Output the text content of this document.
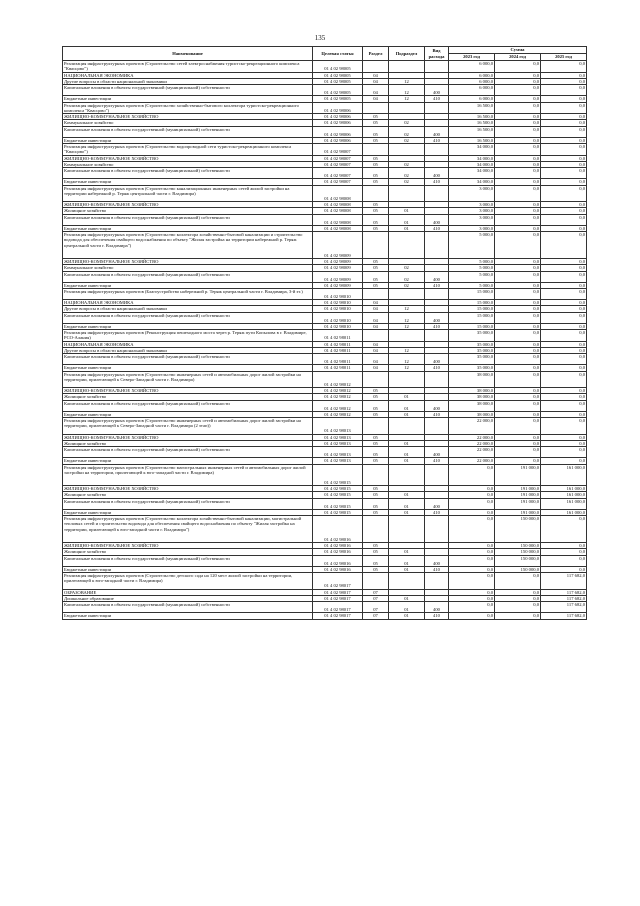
135
Наименование	Целевая статья	Раздел	Подраздел	Вид расхода	Сумма		
					2023 год	2024 год	2025 год
Реализация инфраструктурных проектов (Строительство сетей электроснабжения туристско-рекреационного комплекса "Квасцово")	01 4 02 98005				6 000,0	0,0	0,0
НАЦИОНАЛЬНАЯ ЭКОНОМИКА	01 4 02 98005	04			6 000,0	0,0	0,0
Другие вопросы в области национальной экономики	01 4 02 98005	04	12		6 000,0	0,0	0,0
Капитальные вложения в объекты государственной (муниципальной) собственности	01 4 02 98005	04	12	400	6 000,0	0,0	0,0
Бюджетные инвестиции	01 4 02 98005	04	12	410	6 000,0	0,0	0,0
Реализация инфраструктурных проектов (Строительство хозяйственно-бытового коллектора туристско-рекреационного комплекса "Квасцово")	01 4 02 98006				16 500,0	0,0	0,0
ЖИЛИЩНО-КОММУНАЛЬНОЕ ХОЗЯЙСТВО	01 4 02 98006	05			16 500,0	0,0	0,0
Коммунальное хозяйство	01 4 02 98006	05	02		16 500,0	0,0	0,0
Капитальные вложения в объекты государственной (муниципальной) собственности	01 4 02 98006	05	02	400	16 500,0	0,0	0,0
Бюджетные инвестиции	01 4 02 98006	05	02	410	16 500,0	0,0	0,0
Реализация инфраструктурных проектов (Строительство водопроводной сети туристско-рекреационного комплекса "Квасцово")	01 4 02 98007				34 000,0	0,0	0,0
ЖИЛИЩНО-КОММУНАЛЬНОЕ ХОЗЯЙСТВО	01 4 02 98007	05			34 000,0	0,0	0,0
Коммунальное хозяйство	01 4 02 98007	05	02		34 000,0	0,0	0,0
Капитальные вложения в объекты государственной (муниципальной) собственности	01 4 02 98007	05	02	400	34 000,0	0,0	0,0
Бюджетные инвестиции	01 4 02 98007	05	02	410	34 000,0	0,0	0,0
Реализация инфраструктурных проектов (Строительство канализационных инженерных сетей жилой застройки на территории набережной р. Теряж центральной части г. Владимира)	01 4 02 98008				3 000,0	0,0	0,0
ЖИЛИЩНО-КОММУНАЛЬНОЕ ХОЗЯЙСТВО	01 4 02 98008	05			3 000,0	0,0	0,0
Жилищное хозяйство	01 4 02 98008	05	01		3 000,0	0,0	0,0
Капитальные вложения в объекты государственной (муниципальной) собственности	01 4 02 98008	05	01	400	3 000,0	0,0	0,0
Бюджетные инвестиции	01 4 02 98008	05	01	410	3 000,0	0,0	0,0
Реализация инфраструктурных проектов (Строительство коллектора хозяйственно-бытовой канализации и строительство водовода для обеспечения свайщего водоснабжения по объекту "Жилая застройка на территории набережной р. Теряж центральной части г. Владимира")	01 4 02 98009				5 000,0	0,0	0,0
ЖИЛИЩНО-КОММУНАЛЬНОЕ ХОЗЯЙСТВО	01 4 02 98009	05			5 000,0	0,0	0,0
Коммунальное хозяйство	01 4 02 98009	05	02		5 000,0	0,0	0,0
Капитальные вложения в объекты государственной (муниципальной) собственности	01 4 02 98009	05	02	400	5 000,0	0,0	0,0
Бюджетные инвестиции	01 4 02 98009	05	02	410	5 000,0	0,0	0,0
Реализация инфраструктурных проектов (Благоустройство набережной р. Теряж центральной части г. Владимира, 3-й эт.)	01 4 02 98010				15 000,0	0,0	0,0
НАЦИОНАЛЬНАЯ ЭКОНОМИКА	01 4 02 98010	04			15 000,0	0,0	0,0
Другие вопросы в области национальной экономики	01 4 02 98010	04	12		15 000,0	0,0	0,0
Капитальные вложения в объекты государственной (муниципальной) собственности	01 4 02 98010	04	12	400	15 000,0	0,0	0,0
Бюджетные инвестиции	01 4 02 98010	04	12	410	15 000,0	0,0	0,0
Реализация инфраструктурных проектов (Реконструкция пешеходного моста через р. Теряж пути Копылова в г. Владимире, РСО-Алания)	01 4 02 98011				35 000,0	0,0	0,0
НАЦИОНАЛЬНАЯ ЭКОНОМИКА	01 4 02 98011	04			35 000,0	0,0	0,0
Другие вопросы в области национальной экономики	01 4 02 98011	04	12		35 000,0	0,0	0,0
Капитальные вложения в объекты государственной (муниципальной) собственности	01 4 02 98011	04	12	400	35 000,0	0,0	0,0
Бюджетные инвестиции	01 4 02 98011	04	12	410	35 000,0	0,0	0,0
Реализация инфраструктурных проектов (Строительство инженерных сетей и автомобильных дорог жилой застройки на территории, прилегающей к Северо-Западной части г. Владимира)	01 4 02 98012				38 000,0	0,0	0,0
ЖИЛИЩНО-КОММУНАЛЬНОЕ ХОЗЯЙСТВО	01 4 02 98012	05			38 000,0	0,0	0,0
Жилищное хозяйство	01 4 02 98012	05	01		38 000,0	0,0	0,0
Капитальные вложения в объекты государственной (муниципальной) собственности	01 4 02 98012	05	01	400	38 000,0	0,0	0,0
Бюджетные инвестиции	01 4 02 98012	05	01	410	38 000,0	0,0	0,0
Реализация инфраструктурных проектов (Строительство инженерных сетей и автомобильных дорог жилой застройки на территории, прилегающей к Северо-Западной части г. Владимира (2 этап))	01 4 02 98013				22 000,0	0,0	0,0
ЖИЛИЩНО-КОММУНАЛЬНОЕ ХОЗЯЙСТВО	01 4 02 98013	05			22 000,0	0,0	0,0
Жилищное хозяйство	01 4 02 98013	05	01		22 000,0	0,0	0,0
Капитальные вложения в объекты государственной (муниципальной) собственности	01 4 02 98013	05	01	400	22 000,0	0,0	0,0
Бюджетные инвестиции	01 4 02 98013	05	01	410	22 000,0	0,0	0,0
Реализация инфраструктурных проектов (Строительство магистральных инженерных сетей и автомобильных дорог жилой застройки на территории, прилегающей к юго-западной части г. Владимира)	01 4 02 98015				0,0	191 000,0	161 000,0
ЖИЛИЩНО-КОММУНАЛЬНОЕ ХОЗЯЙСТВО	01 4 02 98015	05			0,0	191 000,0	161 000,0
Жилищное хозяйство	01 4 02 98015	05	01		0,0	191 000,0	161 000,0
Капитальные вложения в объекты государственной (муниципальной) собственности	01 4 02 98015	05	01	400	0,0	191 000,0	161 000,0
Бюджетные инвестиции	01 4 02 98015	05	01	410	0,0	191 000,0	161 000,0
Реализация инфраструктурных проектов (Строительство коллектора хозяйственно-бытовой канализации, магистральной тепловых сетей и строительство водовода для обеспечения свайщего водоснабжения по объекту "Жилая застройка на территории, прилегающей к юго-западной части г. Владимира")	01 4 02 98016				0,0	150 000,0	0,0
ЖИЛИЩНО-КОММУНАЛЬНОЕ ХОЗЯЙСТВО	01 4 02 98016	05			0,0	150 000,0	0,0
Жилищное хозяйство	01 4 02 98016	05	01		0,0	150 000,0	0,0
Капитальные вложения в объекты государственной (муниципальной) собственности	01 4 02 98016	05	01	400	0,0	150 000,0	0,0
Бюджетные инвестиции	01 4 02 98016	05	01	410	0,0	150 000,0	0,0
Реализация инфраструктурных проектов (Строительство детского сада на 120 мест жилой застройки на территории, прилегающей к юго-западной части г. Владимира)	01 4 02 98017				0,0	0,0	117 682,0
ОБРАЗОВАНИЕ	01 4 02 98017	07			0,0	0,0	117 682,0
Дошкольное образование	01 4 02 98017	07	01		0,0	0,0	117 682,0
Капитальные вложения в объекты государственной (муниципальной) собственности	01 4 02 98017	07	01	400	0,0	0,0	117 682,0
Бюджетные инвестиции	01 4 02 98017	07	01	410	0,0	0,0	117 682,0
